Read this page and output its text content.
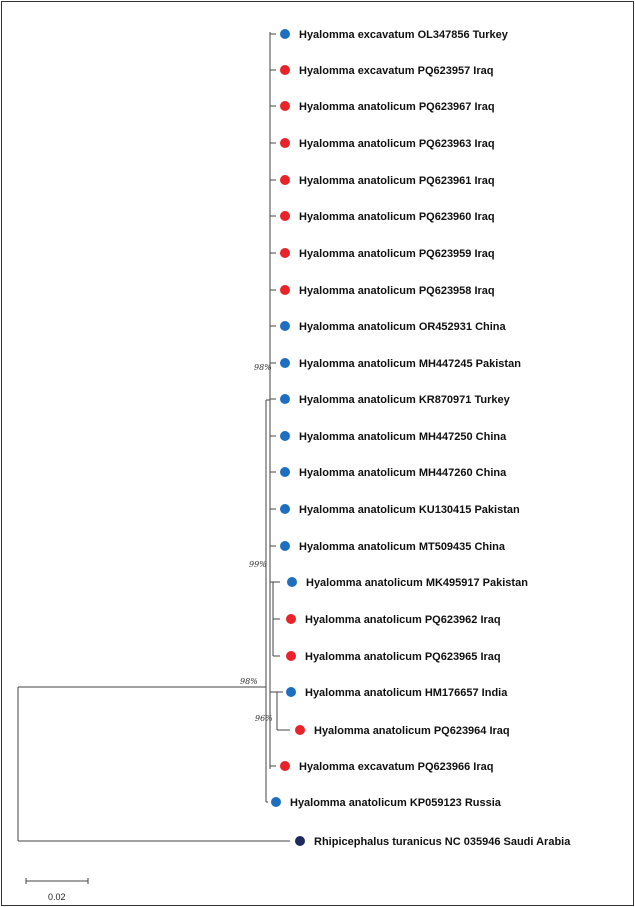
Hyalomma excavatum OL347856 Turkey
Hyalomma excavatum PQ623957 Iraq
Hyalomma anatolicum PQ623967 Iraq
Hyalomma anatolicum PQ623963 Iraq
Hyalomma anatolicum PQ623961 Iraq
Hyalomma anatolicum PQ623960 Iraq
Hyalomma anatolicum PQ623959 Iraq
Hyalomma anatolicum PQ623958 Iraq
Hyalomma anatolicum OR452931 China
Hyalomma anatolicum MH447245 Pakistan
Hyalomma anatolicum KR870971 Turkey
Hyalomma anatolicum MH447250 China
Hyalomma anatolicum MH447260 China
Hyalomma anatolicum KU130415 Pakistan
Hyalomma anatolicum MT509435 China
Hyalomma anatolicum MK495917 Pakistan
Hyalomma anatolicum PQ623962 Iraq
Hyalomma anatolicum PQ623965 Iraq
Hyalomma anatolicum HM176657 India
Hyalomma anatolicum PQ623964 Iraq
Hyalomma excavatum PQ623966 Iraq
Hyalomma anatolicum KP059123 Russia
Rhipicephalus turanicus NC 035946 Saudi Arabia
98%
99%
98%
96%
0.02
